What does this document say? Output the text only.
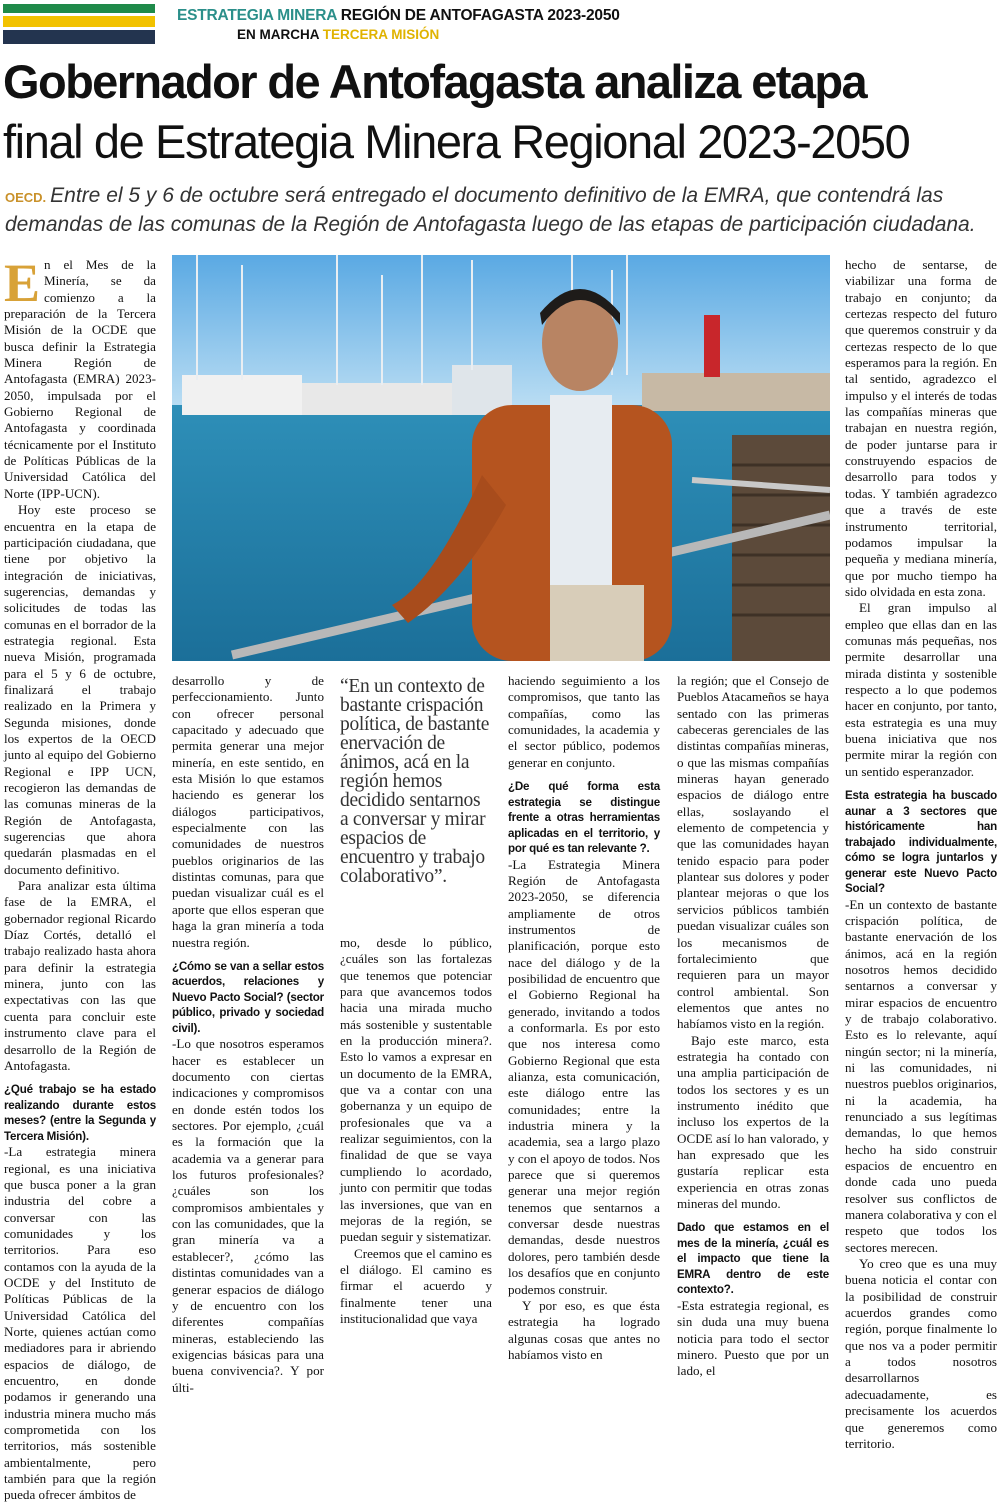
ESTRATEGIA MINERA REGIÓN DE ANTOFAGASTA 2023-2050
EN MARCHA TERCERA MISIÓN
Gobernador de Antofagasta analiza etapa
final de Estrategia Minera Regional 2023-2050
OECD. Entre el 5 y 6 de octubre será entregado el documento definitivo de la EMRA, que contendrá las demandas de las comunas de la Región de Antofagasta luego de las etapas de participación ciudadana.

En el Mes de la Minería, se da comienzo a la preparación de la Tercera Misión de la OCDE que busca definir la Estrategia Minera Región de Antofagasta (EMRA) 2023-2050, impulsada por el Gobierno Regional de Antofagasta y coordinada técnicamente por el Instituto de Políticas Públicas de la Universidad Católica del Norte (IPP-UCN).

Hoy este proceso se encuentra en la etapa de participación ciudadana, que tiene por objetivo la integración de iniciativas, sugerencias, demandas y solicitudes de todas las comunas en el borrador de la estrategia regional. Esta nueva Misión, programada para el 5 y 6 de octubre, finalizará el trabajo realizado en la Primera y Segunda misiones, donde los expertos de la OECD junto al equipo del Gobierno Regional e IPP UCN, recogieron las demandas de las comunas mineras de la Región de Antofagasta, sugerencias que ahora quedarán plasmadas en el documento definitivo.

Para analizar esta última fase de la EMRA, el gobernador regional Ricardo Díaz Cortés, detalló el trabajo realizado hasta ahora para definir la estrategia minera, junto con las expectativas con las que cuenta para concluir este instrumento clave para el desarrollo de la Región de Antofagasta.

¿Qué trabajo se ha estado realizando durante estos meses? (entre la Segunda y Tercera Misión).

-La estrategia minera regional, es una iniciativa que busca poner a la gran industria del cobre a conversar con las comunidades y los territorios. Para eso contamos con la ayuda de la OCDE y del Instituto de Políticas Públicas de la Universidad Católica del Norte, quienes actúan como mediadores para ir abriendo espacios de diálogo, de encuentro, en donde podamos ir generando una industria minera mucho más comprometida con los territorios, más sostenible ambientalmente, pero también para que la región pueda ofrecer ámbitos de

desarrollo y de perfeccionamiento. Junto con ofrecer personal capacitado y adecuado que permita generar una mejor minería, en este sentido, en esta Misión lo que estamos haciendo es generar los diálogos participativos, especialmente con las comunidades de nuestros pueblos originarios de las distintas comunas, para que puedan visualizar cuál es el aporte que ellos esperan que haga la gran minería a toda nuestra región.

¿Cómo se van a sellar estos acuerdos, relaciones y Nuevo Pacto Social? (sector público, privado y sociedad civil).

-Lo que nosotros esperamos hacer es establecer un documento con ciertas indicaciones y compromisos en donde estén todos los sectores. Por ejemplo, ¿cuál es la formación que la academia va a generar para los futuros profesionales? ¿cuáles son los compromisos ambientales y con las comunidades, que la gran minería va a establecer?, ¿cómo las distintas comunidades van a generar espacios de diálogo y de encuentro con los diferentes compañías mineras, estableciendo las exigencias básicas para una buena convivencia?. Y por últi-

“En un contexto de bastante crispación política, de bastante enervación de ánimos, acá en la región hemos decidido sentarnos a conversar y mirar espacios de encuentro y trabajo colaborativo”.

mo, desde lo público, ¿cuáles son las fortalezas que tenemos que potenciar para que avancemos todos hacia una mirada mucho más sostenible y sustentable en la producción minera?. Esto lo vamos a expresar en un documento de la EMRA, que va a contar con una gobernanza y un equipo de profesionales que va a realizar seguimientos, con la finalidad de que se vaya cumpliendo lo acordado, junto con permitir que todas las inversiones, que van en mejoras de la región, se puedan seguir y sistematizar.

Creemos que el camino es el diálogo. El camino es firmar el acuerdo y finalmente tener una institucionalidad que vaya

haciendo seguimiento a los compromisos, que tanto las compañías, como las comunidades, la academia y el sector público, podemos generar en conjunto.

¿De qué forma esta estrategia se distingue frente a otras herramientas aplicadas en el territorio, y por qué es tan relevante ?.

-La Estrategia Minera Región de Antofagasta 2023-2050, se diferencia ampliamente de otros instrumentos de planificación, porque esto nace del diálogo y de la posibilidad de encuentro que el Gobierno Regional ha generado, invitando a todos a conformarla. Es por esto que nos interesa como Gobierno Regional que esta alianza, esta comunicación, este diálogo entre las comunidades; entre la industria minera y la academia, sea a largo plazo y con el apoyo de todos. Nos parece que si queremos generar una mejor región tenemos que sentarnos a conversar desde nuestras demandas, desde nuestros dolores, pero también desde los desafíos que en conjunto podemos construir.

Y por eso, es que ésta estrategia ha logrado algunas cosas que antes no habíamos visto en

la región; que el Consejo de Pueblos Atacameños se haya sentado con las primeras cabeceras gerenciales de las distintas compañías mineras, o que las mismas compañías mineras hayan generado espacios de diálogo entre ellas, soslayando el elemento de competencia y que las comunidades hayan tenido espacio para poder plantear sus dolores y poder plantear mejoras o que los servicios públicos también puedan visualizar cuáles son los mecanismos de fortalecimiento que requieren para un mayor control ambiental. Son elementos que antes no habíamos visto en la región.

Bajo este marco, esta estrategia ha contado con una amplia participación de todos los sectores y es un instrumento inédito que incluso los expertos de la OCDE así lo han valorado, y han expresado que les gustaría replicar esta experiencia en otras zonas mineras del mundo.

Dado que estamos en el mes de la minería, ¿cuál es el impacto que tiene la EMRA dentro de este contexto?.

-Esta estrategia regional, es sin duda una muy buena noticia para todo el sector minero. Puesto que por un lado, el

hecho de sentarse, de viabilizar una forma de trabajo en conjunto; da certezas respecto del futuro que queremos construir y da certezas respecto de lo que esperamos para la región. En tal sentido, agradezco el impulso y el interés de todas las compañías mineras que trabajan en nuestra región, de poder juntarse para ir construyendo espacios de desarrollo para todos y todas. Y también agradezco que a través de este instrumento territorial, podamos impulsar la pequeña y mediana minería, que por mucho tiempo ha sido olvidada en esta zona.

El gran impulso al empleo que ellas dan en las comunas más pequeñas, nos permite desarrollar una mirada distinta y sostenible respecto a lo que podemos hacer en conjunto, por tanto, esta estrategia es una muy buena iniciativa que nos permite mirar la región con un sentido esperanzador.

Esta estrategia ha buscado aunar a 3 sectores que históricamente han trabajado individualmente, cómo se logra juntarlos y generar este Nuevo Pacto Social?

-En un contexto de bastante crispación política, de bastante enervación de los ánimos, acá en la región nosotros hemos decidido sentarnos a conversar y mirar espacios de encuentro y de trabajo colaborativo. Esto es lo relevante, aquí ningún sector; ni la minería, ni las comunidades, ni nuestros pueblos originarios, ni la academia, ha renunciado a sus legítimas demandas, lo que hemos hecho ha sido construir espacios de encuentro en donde cada uno pueda resolver sus conflictos de manera colaborativa y con el respeto que todos los sectores merecen.

Yo creo que es una muy buena noticia el contar con la posibilidad de construir acuerdos grandes como región, porque finalmente lo que nos va a poder permitir a todos nosotros desarrollarnos adecuadamente, es precisamente los acuerdos que generemos como territorio.
